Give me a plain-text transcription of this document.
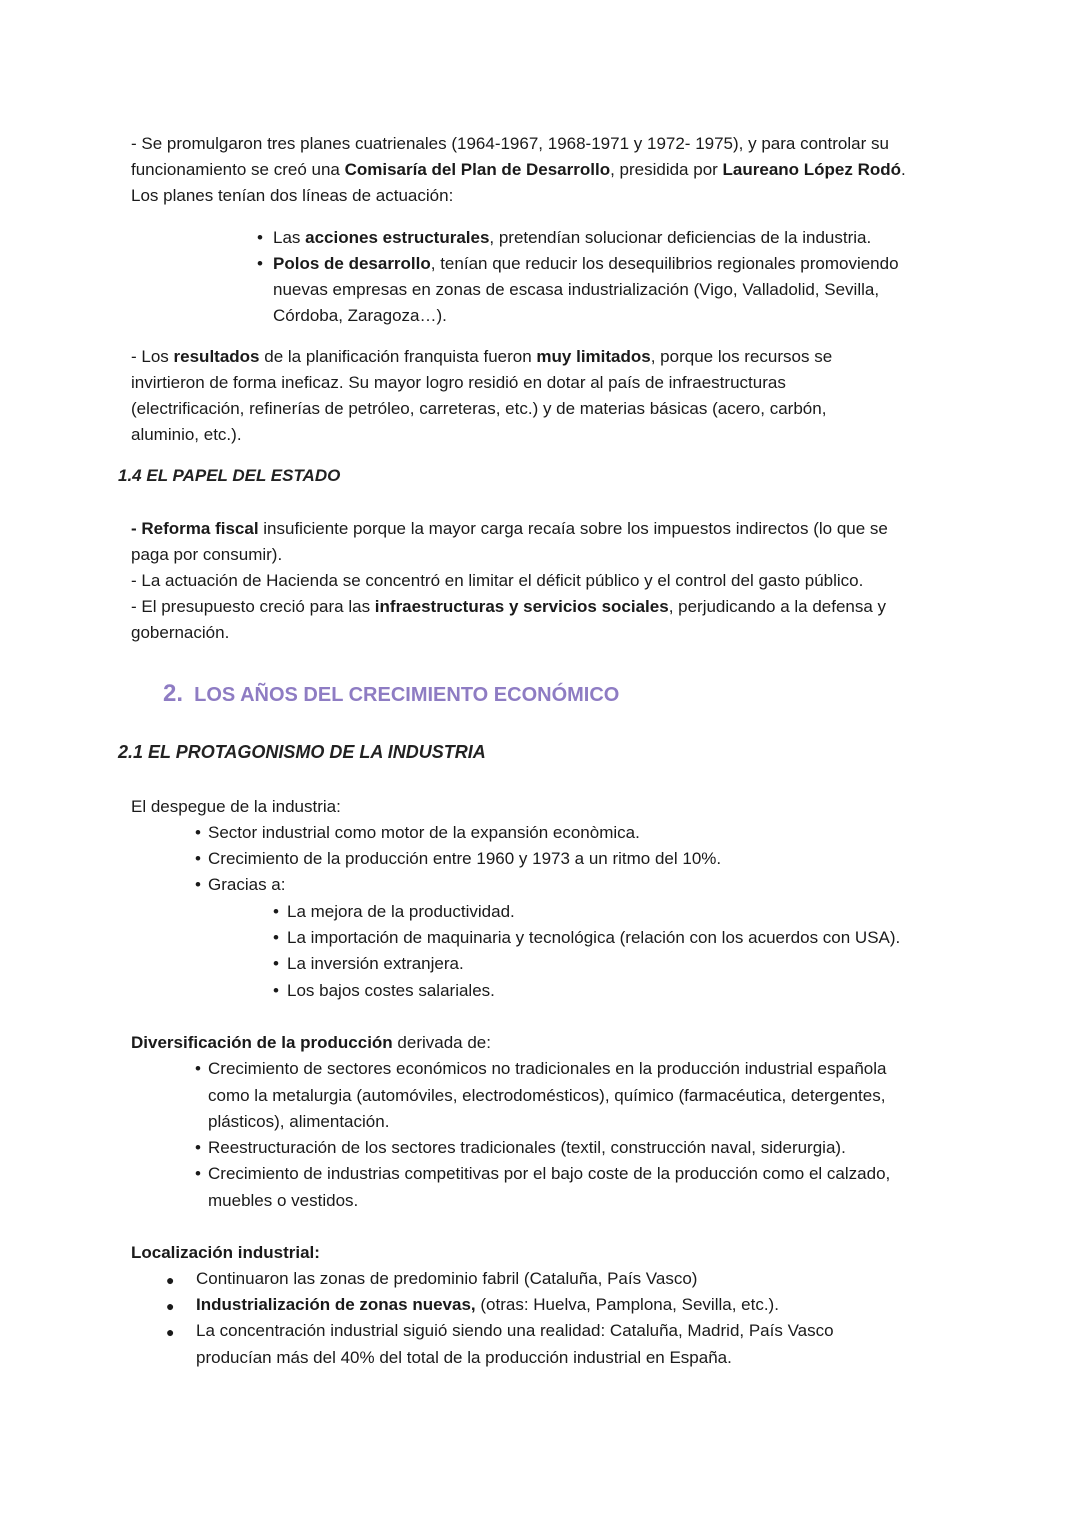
- Se promulgaron tres planes cuatrienales (1964-1967, 1968-1971 y 1972- 1975), y para controlar su
funcionamiento se creó una Comisaría del Plan de Desarrollo, presidida por Laureano López Rodó.
Los planes tenían dos líneas de actuación:
• Las acciones estructurales, pretendían solucionar deficiencias de la industria.
• Polos de desarrollo, tenían que reducir los desequilibrios regionales promoviendo
nuevas empresas en zonas de escasa industrialización (Vigo, Valladolid, Sevilla,
Córdoba, Zaragoza…).
- Los resultados de la planificación franquista fueron muy limitados, porque los recursos se
invirtieron de forma ineficaz. Su mayor logro residió en dotar al país de infraestructuras
(electrificación, refinerías de petróleo, carreteras, etc.) y de materias básicas (acero, carbón,
aluminio, etc.).
1.4 EL PAPEL DEL ESTADO
- Reforma fiscal insuficiente porque la mayor carga recaía sobre los impuestos indirectos (lo que se
paga por consumir).
- La actuación de Hacienda se concentró en limitar el déficit público y el control del gasto público.
- El presupuesto creció para las infraestructuras y servicios sociales, perjudicando a la defensa y
gobernación.
2. LOS AÑOS DEL CRECIMIENTO ECONÓMICO
2.1 EL PROTAGONISMO DE LA INDUSTRIA
El despegue de la industria:
• Sector industrial como motor de la expansión econòmica.
• Crecimiento de la producción entre 1960 y 1973 a un ritmo del 10%.
• Gracias a:
• La mejora de la productividad.
• La importación de maquinaria y tecnológica (relación con los acuerdos con USA).
• La inversión extranjera.
• Los bajos costes salariales.
Diversificación de la producción derivada de:
• Crecimiento de sectores económicos no tradicionales en la producción industrial española
como la metalurgia (automóviles, electrodomésticos), químico (farmacéutica, detergentes,
plásticos), alimentación.
• Reestructuración de los sectores tradicionales (textil, construcción naval, siderurgia).
• Crecimiento de industrias competitivas por el bajo coste de la producción como el calzado,
muebles o vestidos.
Localización industrial:
● Continuaron las zonas de predominio fabril (Cataluña, País Vasco)
● Industrialización de zonas nuevas, (otras: Huelva, Pamplona, Sevilla, etc.).
● La concentración industrial siguió siendo una realidad: Cataluña, Madrid, País Vasco
producían más del 40% del total de la producción industrial en España.
